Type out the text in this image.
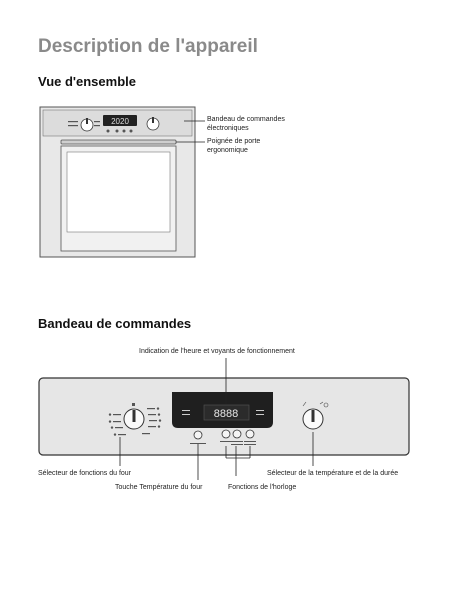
Description de l'appareil
Vue d'ensemble
Bandeau de commandes
2020	Bandeau de commandes
électroniques
Poignée de porte
ergonomique
8888
Indication de l'heure et voyants de fonctionnement
Sélecteur de fonctions du four
Touche Température du four	Fonctions de l'horloge
Sélecteur de la température et de la durée
